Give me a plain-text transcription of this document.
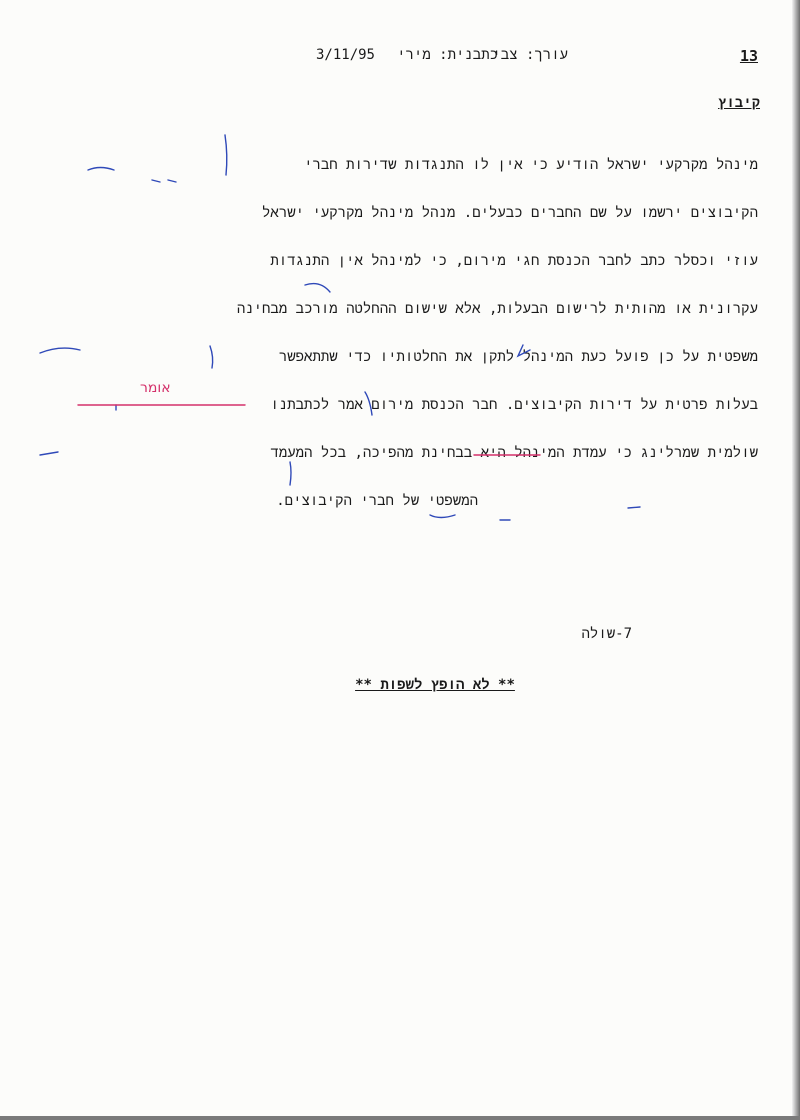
13
עורך: צבי
כתבנית: מירי
3/11/95
קיבוץ
מינהל מקרקעי ישראל הודיע כי אין לו התנגדות שדירות חברי
הקיבוצים ירשמו על שם החברים כבעלים. מנהל מינהל מקרקעי ישראל
עוזי וכסלר כתב לחבר הכנסת חגי מירום, כי למינהל אין התנגדות
עקרונית או מהותית לרישום הבעלות, אלא שישום ההחלטה מורכב מבחינה
משפטית על כן פועל כעת המינהל לתקן את החלטותיו כדי שתתאפשר
בעלות פרטית על דירות הקיבוצים. חבר הכנסת מירום אמר לכתבתנו
שולמית שמרלינג כי עמדת המינהל היא בבחינת מהפיכה, בכל המעמד
המשפטי של חברי הקיבוצים.
אומר
7-שולה
** לא הופץ לשפות **
